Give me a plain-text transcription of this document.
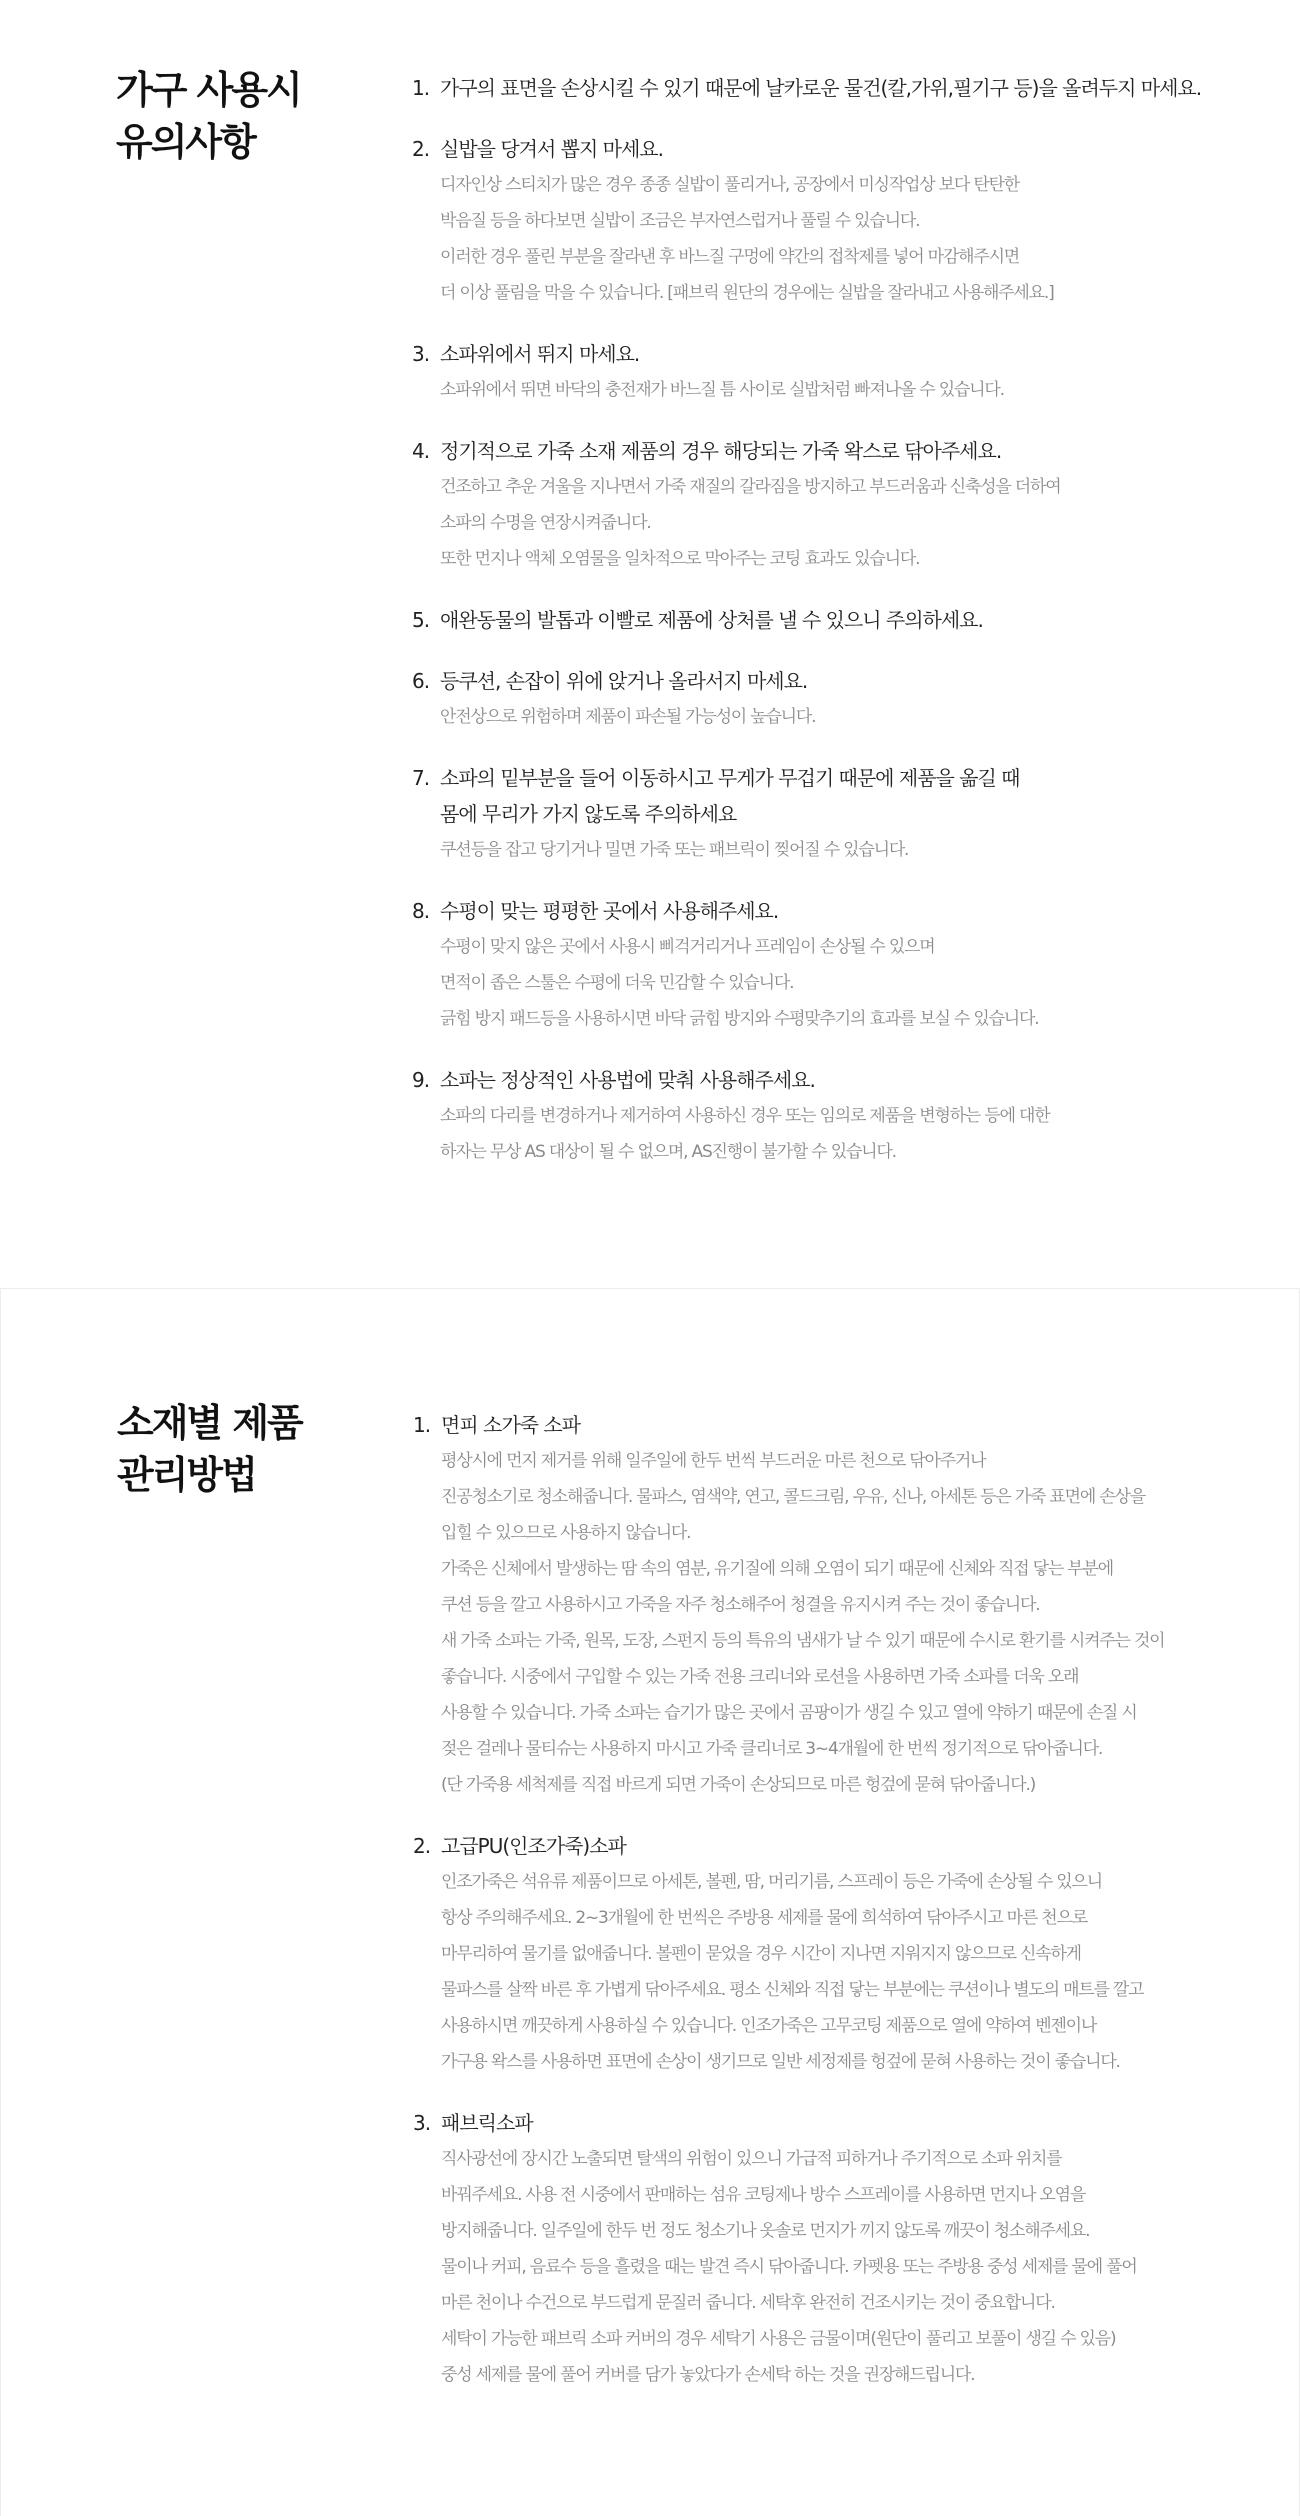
가구 사용시
유의사항
1. 가구의 표면을 손상시킬 수 있기 때문에 날카로운 물건(칼,가위,필기구 등)을 올려두지 마세요.
2. 실밥을 당겨서 뽑지 마세요.
디자인상 스티치가 많은 경우 종종 실밥이 풀리거나, 공장에서 미싱작업상 보다 탄탄한
박음질 등을 하다보면 실밥이 조금은 부자연스럽거나 풀릴 수 있습니다.
이러한 경우 풀린 부분을 잘라낸 후 바느질 구멍에 약간의 접착제를 넣어 마감해주시면
더 이상 풀림을 막을 수 있습니다. [패브릭 원단의 경우에는 실밥을 잘라내고 사용해주세요.]
3. 소파위에서 뛰지 마세요.
소파위에서 뛰면 바닥의 충전재가 바느질 틈 사이로 실밥처럼 빠져나올 수 있습니다.
4. 정기적으로 가죽 소재 제품의 경우 해당되는 가죽 왁스로 닦아주세요.
건조하고 추운 겨울을 지나면서 가죽 재질의 갈라짐을 방지하고 부드러움과 신축성을 더하여
소파의 수명을 연장시켜줍니다.
또한 먼지나 액체 오염물을 일차적으로 막아주는 코팅 효과도 있습니다.
5. 애완동물의 발톱과 이빨로 제품에 상처를 낼 수 있으니 주의하세요.
6. 등쿠션, 손잡이 위에 앉거나 올라서지 마세요.
안전상으로 위험하며 제품이 파손될 가능성이 높습니다.
7. 소파의 밑부분을 들어 이동하시고 무게가 무겁기 때문에 제품을 옮길 때
몸에 무리가 가지 않도록 주의하세요
쿠션등을 잡고 당기거나 밀면 가죽 또는 패브릭이 찢어질 수 있습니다.
8. 수평이 맞는 평평한 곳에서 사용해주세요.
수평이 맞지 않은 곳에서 사용시 삐걱거리거나 프레임이 손상될 수 있으며
면적이 좁은 스툴은 수평에 더욱 민감할 수 있습니다.
긁힘 방지 패드등을 사용하시면 바닥 긁힘 방지와 수평맞추기의 효과를 보실 수 있습니다.
9. 소파는 정상적인 사용법에 맞춰 사용해주세요.
소파의 다리를 변경하거나 제거하여 사용하신 경우 또는 임의로 제품을 변형하는 등에 대한
하자는 무상 AS 대상이 될 수 없으며, AS진행이 불가할 수 있습니다.
소재별 제품
관리방법
1. 면피 소가죽 소파
평상시에 먼지 제거를 위해 일주일에 한두 번씩 부드러운 마른 천으로 닦아주거나
진공청소기로 청소해줍니다. 물파스, 염색약, 연고, 콜드크림, 우유, 신나, 아세톤 등은 가죽 표면에 손상을
입힐 수 있으므로 사용하지 않습니다.
가죽은 신체에서 발생하는 땀 속의 염분, 유기질에 의해 오염이 되기 때문에 신체와 직접 닿는 부분에
쿠션 등을 깔고 사용하시고 가죽을 자주 청소해주어 청결을 유지시켜 주는 것이 좋습니다.
새 가죽 소파는 가죽, 원목, 도장, 스펀지 등의 특유의 냄새가 날 수 있기 때문에 수시로 환기를 시켜주는 것이
좋습니다. 시중에서 구입할 수 있는 가죽 전용 크리너와 로션을 사용하면 가죽 소파를 더욱 오래
사용할 수 있습니다. 가죽 소파는 습기가 많은 곳에서 곰팡이가 생길 수 있고 열에 약하기 때문에 손질 시
젖은 걸레나 물티슈는 사용하지 마시고 가죽 클리너로 3~4개월에 한 번씩 정기적으로 닦아줍니다.
(단 가죽용 세척제를 직접 바르게 되면 가죽이 손상되므로 마른 헝겊에 묻혀 닦아줍니다.)
2. 고급PU(인조가죽)소파
인조가죽은 석유류 제품이므로 아세톤, 볼펜, 땀, 머리기름, 스프레이 등은 가죽에 손상될 수 있으니
항상 주의해주세요. 2~3개월에 한 번씩은 주방용 세제를 물에 희석하여 닦아주시고 마른 천으로
마무리하여 물기를 없애줍니다. 볼펜이 묻었을 경우 시간이 지나면 지워지지 않으므로 신속하게
물파스를 살짝 바른 후 가볍게 닦아주세요. 평소 신체와 직접 닿는 부분에는 쿠션이나 별도의 매트를 깔고
사용하시면 깨끗하게 사용하실 수 있습니다. 인조가죽은 고무코팅 제품으로 열에 약하여 벤젠이나
가구용 왁스를 사용하면 표면에 손상이 생기므로 일반 세정제를 헝겊에 묻혀 사용하는 것이 좋습니다.
3. 패브릭소파
직사광선에 장시간 노출되면 탈색의 위험이 있으니 가급적 피하거나 주기적으로 소파 위치를
바꿔주세요. 사용 전 시중에서 판매하는 섬유 코팅제나 방수 스프레이를 사용하면 먼지나 오염을
방지해줍니다. 일주일에 한두 번 정도 청소기나 옷솔로 먼지가 끼지 않도록 깨끗이 청소해주세요.
물이나 커피, 음료수 등을 흘렸을 때는 발견 즉시 닦아줍니다. 카펫용 또는 주방용 중성 세제를 물에 풀어
마른 천이나 수건으로 부드럽게 문질러 줍니다. 세탁후 완전히 건조시키는 것이 중요합니다.
세탁이 가능한 패브릭 소파 커버의 경우 세탁기 사용은 금물이며(원단이 풀리고 보풀이 생길 수 있음)
중성 세제를 물에 풀어 커버를 담가 놓았다가 손세탁 하는 것을 권장해드립니다.
